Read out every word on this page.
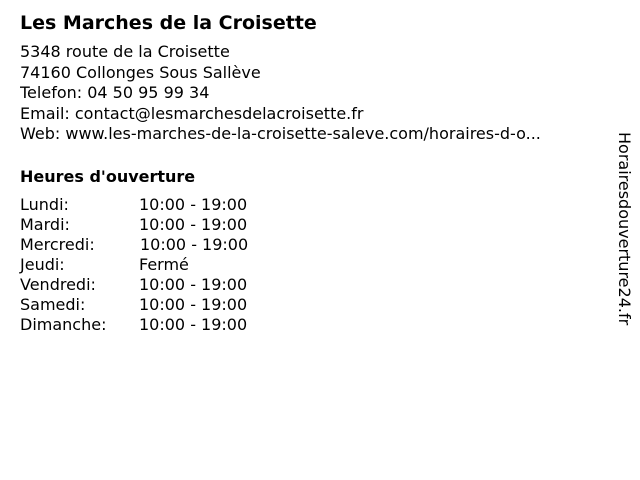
Les Marches de la Croisette
5348 route de la Croisette
74160 Collonges Sous Sallève
Telefon: 04 50 95 99 34
Email: contact@lesmarchesdelacroisette.fr
Web: www.les-marches-de-la-croisette-saleve.com/horaires-d-o...
Heures d'ouverture
Lundi:	10:00 - 19:00
Mardi:	10:00 - 19:00
Mercredi:	10:00 - 19:00
Jeudi:	Fermé
Vendredi:	10:00 - 19:00
Samedi:	10:00 - 19:00
Dimanche: 10:00 - 19:00	Horairesdouverture24.fr
